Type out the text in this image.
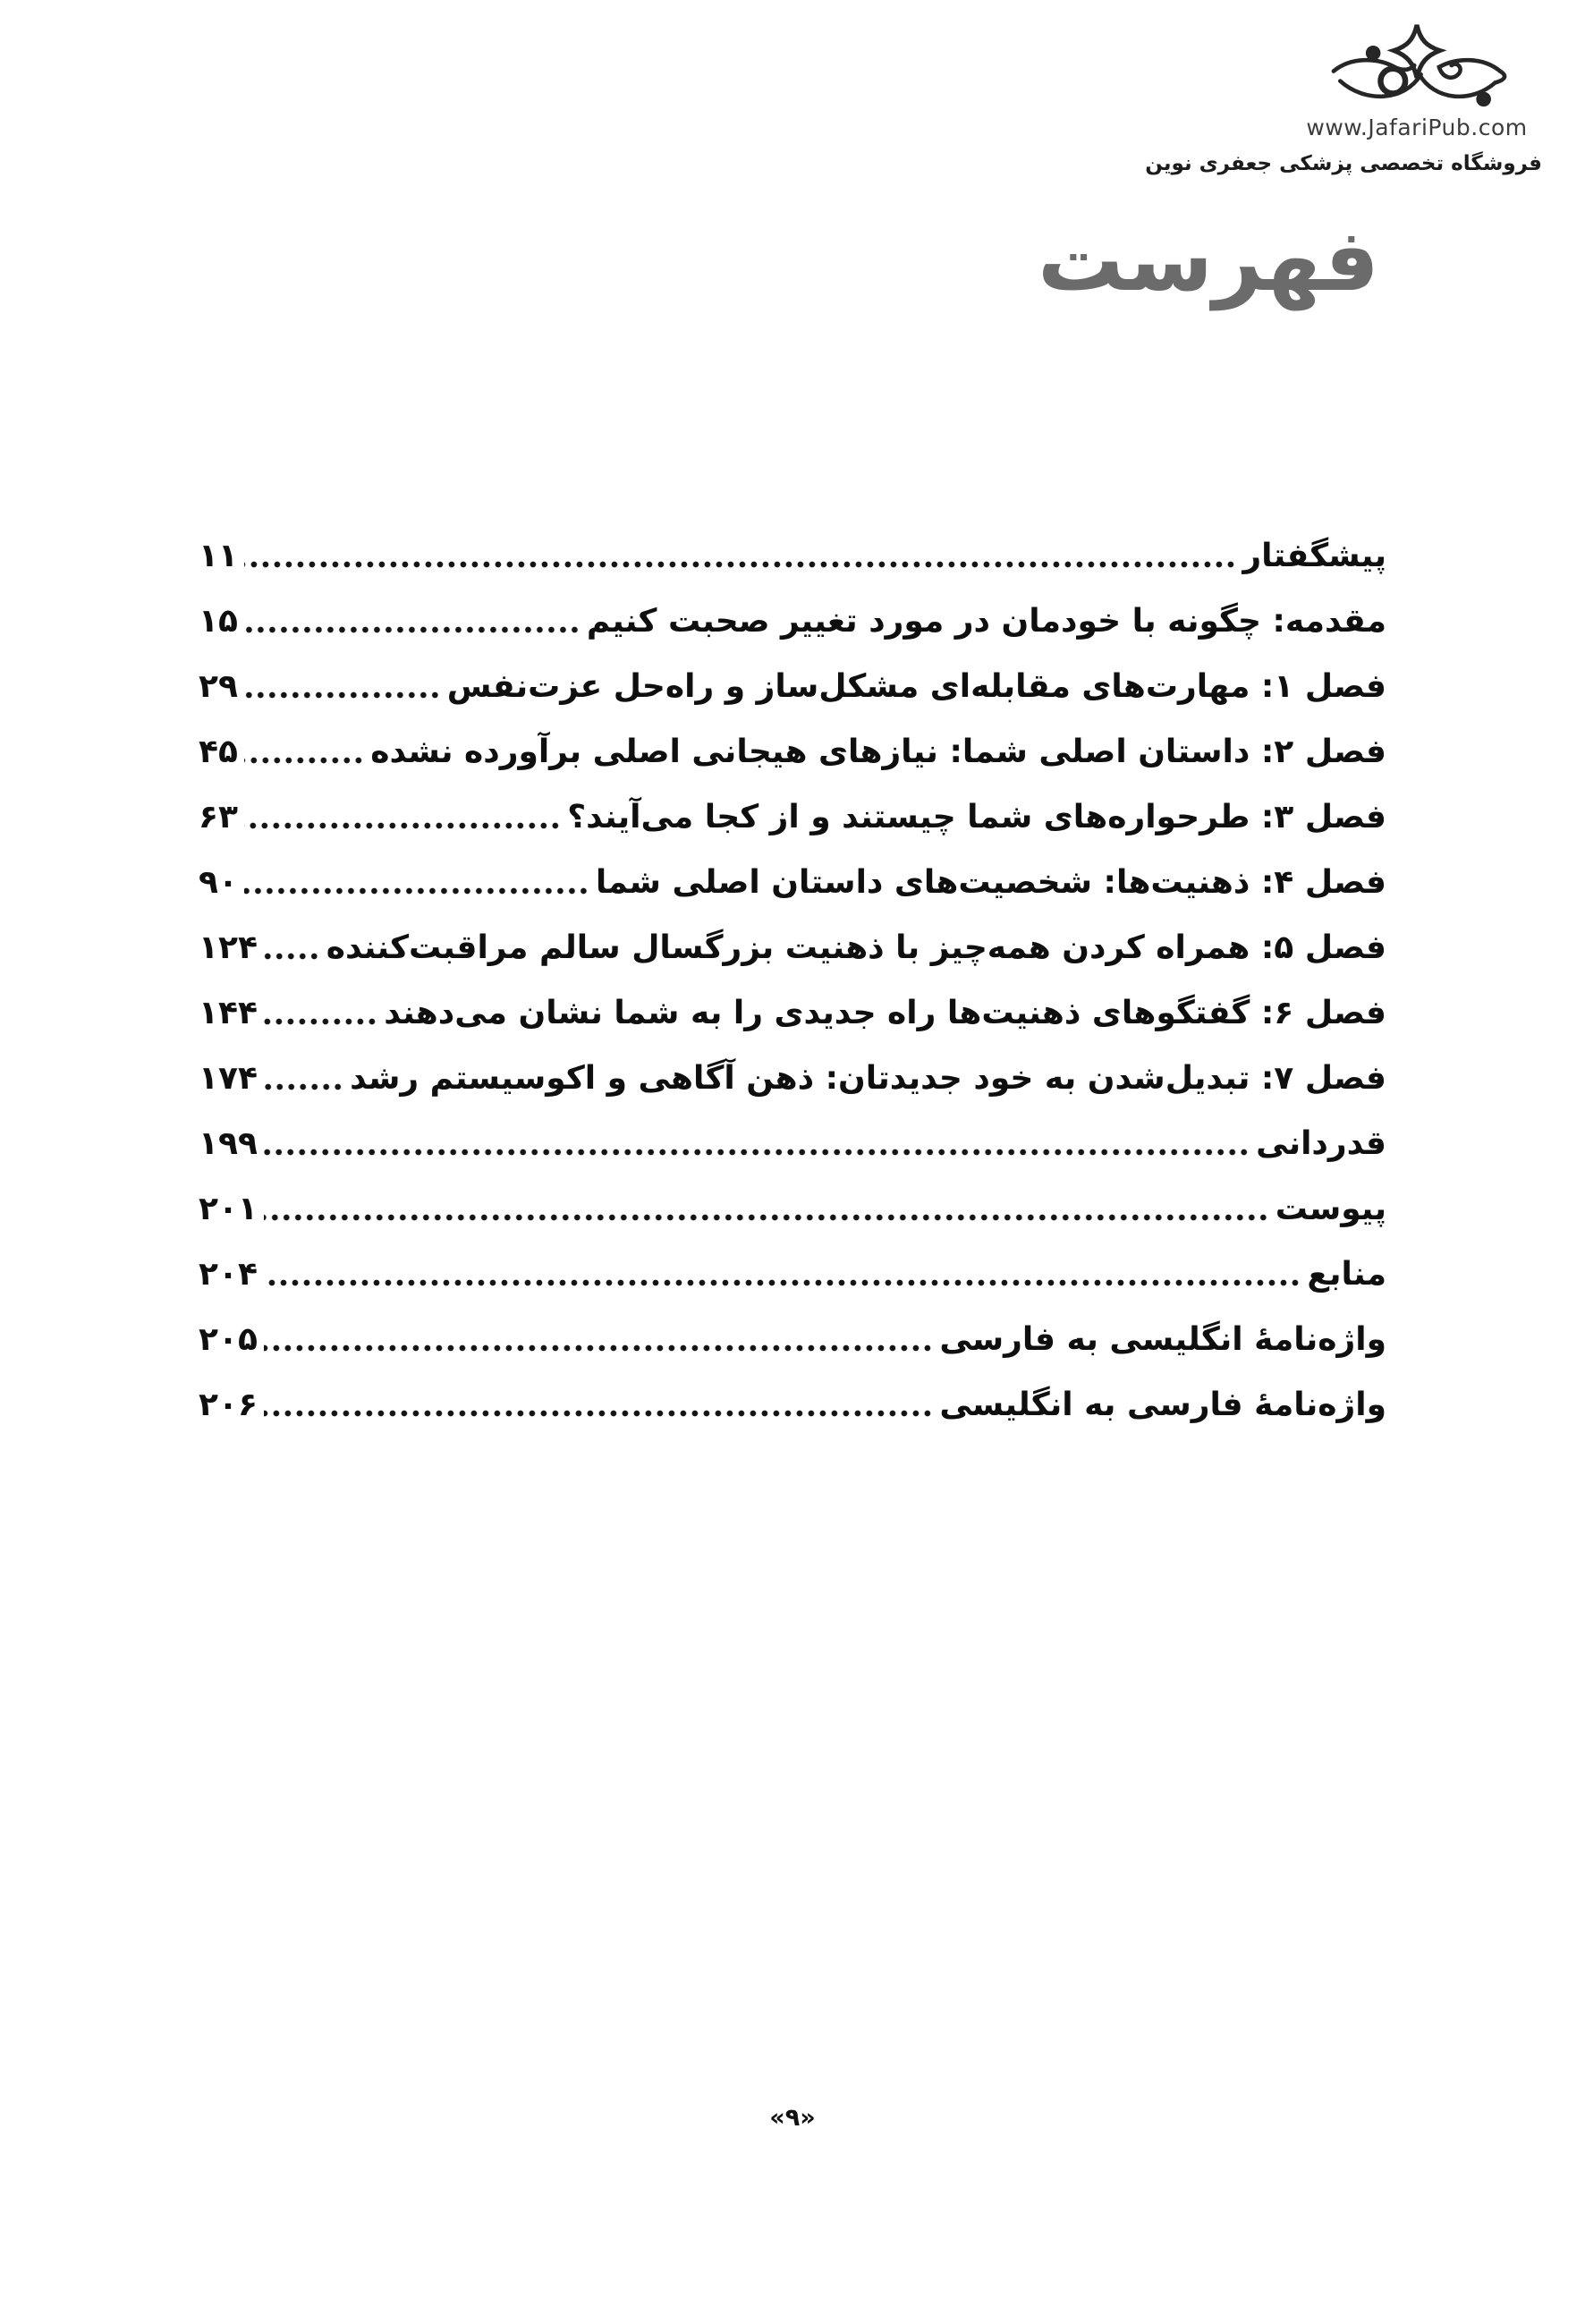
www.JafariPub.com
فروشگاه تخصصی پزشکی جعفری نوین
فهرست
پیشگفتار
۱۱
مقدمه: چگونه با خودمان در مورد تغییر صحبت کنیم
۱۵
فصل ۱: مهارت‌های مقابله‌ای مشکل‌ساز و راه‌حل عزت‌نفس
۲۹
فصل ۲: داستان اصلی شما: نیازهای هیجانی اصلی برآورده نشده
۴۵
فصل ۳: طرحواره‌های شما چیستند و از کجا می‌آیند؟
۶۳
فصل ۴: ذهنیت‌ها: شخصیت‌های داستان اصلی شما
۹۰
فصل ۵: همراه کردن همه‌چیز با ذهنیت بزرگسال سالم مراقبت‌کننده
۱۲۴
فصل ۶: گفتگوهای ذهنیت‌ها راه جدیدی را به شما نشان می‌دهند
۱۴۴
فصل ۷: تبدیل‌شدن به خود جدیدتان: ذهن آگاهی و اکوسیستم رشد
۱۷۴
قدردانی
۱۹۹
پیوست
۲۰۱
منابع
۲۰۴
واژه‌نامهٔ انگلیسی به فارسی
۲۰۵
واژه‌نامهٔ فارسی به انگلیسی
۲۰۶
«۹»
